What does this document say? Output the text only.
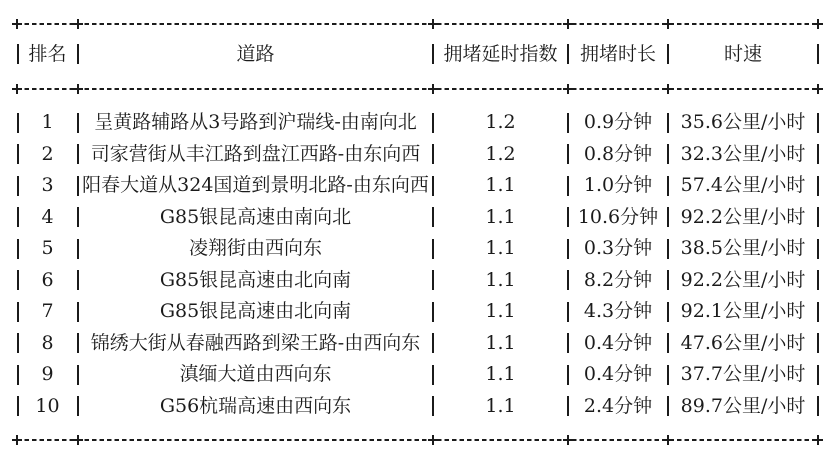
排名	道路	拥堵延时指数	拥堵时长	时速
1	呈黄路辅路从3号路到沪瑞线-由南向北	1.2	0.9分钟	35.6公里/小时
2	司家营街从丰江路到盘江西路-由东向西	1.2	0.8分钟	32.3公里/小时
3	阳春大道从324国道到景明北路-由东向西	1.1	1.0分钟	57.4公里/小时
4	G85银昆高速由南向北	1.1	10.6分钟	92.2公里/小时
5	凌翔街由西向东	1.1	0.3分钟	38.5公里/小时
6	G85银昆高速由北向南	1.1	8.2分钟	92.2公里/小时
7	G85银昆高速由北向南	1.1	4.3分钟	92.1公里/小时
8	锦绣大街从春融西路到梁王路-由西向东	1.1	0.4分钟	47.6公里/小时
9	滇缅大道由西向东	1.1	0.4分钟	37.7公里/小时
10	G56杭瑞高速由西向东	1.1	2.4分钟	89.7公里/小时
